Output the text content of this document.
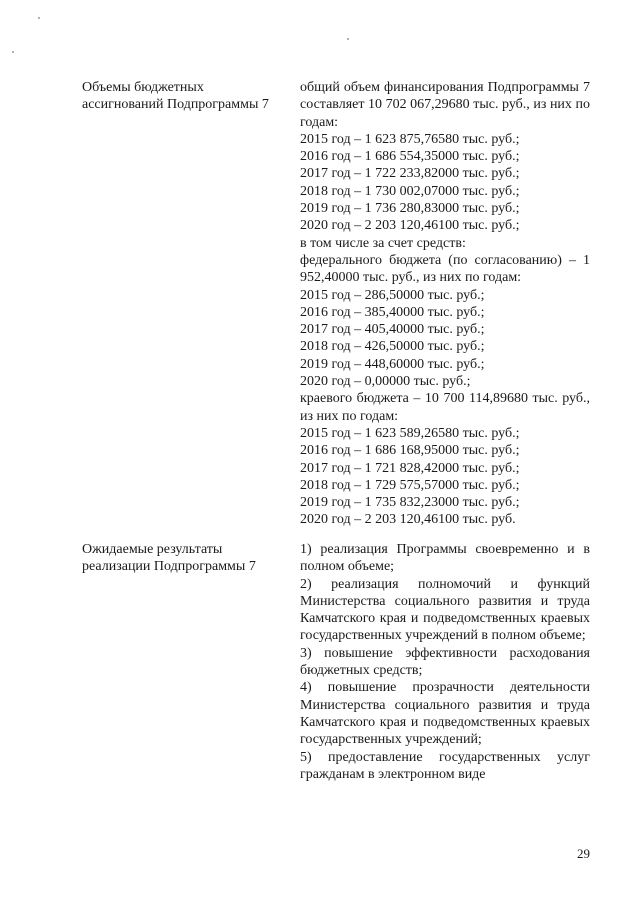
Объемы бюджетных ассигнований Подпрограммы 7
общий объем финансирования Подпрограммы 7 составляет 10 702 067,29680 тыс. руб., из них по годам:
2015 год – 1 623 875,76580 тыс. руб.;
2016 год – 1 686 554,35000 тыс. руб.;
2017 год – 1 722 233,82000 тыс. руб.;
2018 год – 1 730 002,07000 тыс. руб.;
2019 год – 1 736 280,83000 тыс. руб.;
2020 год – 2 203 120,46100 тыс. руб.;
в том числе за счет средств:
федерального бюджета (по согласованию) – 1 952,40000 тыс. руб., из них по годам:
2015 год – 286,50000 тыс. руб.;
2016 год – 385,40000 тыс. руб.;
2017 год – 405,40000 тыс. руб.;
2018 год – 426,50000 тыс. руб.;
2019 год – 448,60000 тыс. руб.;
2020 год – 0,00000 тыс. руб.;
краевого бюджета – 10 700 114,89680 тыс. руб., из них по годам:
2015 год – 1 623 589,26580 тыс. руб.;
2016 год – 1 686 168,95000 тыс. руб.;
2017 год – 1 721 828,42000 тыс. руб.;
2018 год – 1 729 575,57000 тыс. руб.;
2019 год – 1 735 832,23000 тыс. руб.;
2020 год – 2 203 120,46100 тыс. руб.
Ожидаемые результаты реализации Подпрограммы 7
1) реализация Программы своевременно и в полном объеме;
2) реализация полномочий и функций Министерства социального развития и труда Камчатского края и подведомственных краевых государственных учреждений в полном объеме;
3) повышение эффективности расходования бюджетных средств;
4) повышение прозрачности деятельности Министерства социального развития и труда Камчатского края и подведомственных краевых государственных учреждений;
5) предоставление государственных услуг гражданам в электронном виде
29
